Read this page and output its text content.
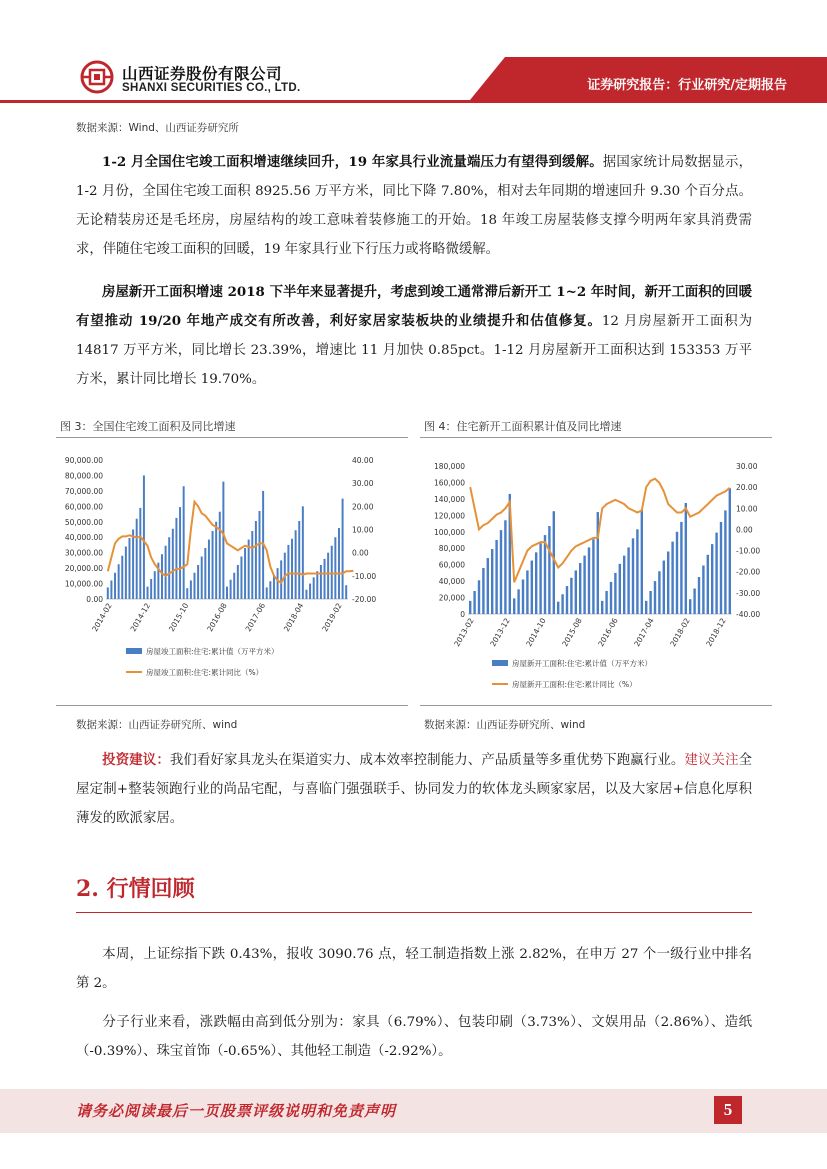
山西证券股份有限公司
SHANXI SECURITIES CO., LTD.	证券研究报告：行业研究/定期报告
数据来源：Wind、山西证券研究所
1-2 月全国住宅竣工面积增速继续回升，19 年家具行业流量端压力有望得到缓解。据国家统计局数据显示，1-2 月份，全国住宅竣工面积 8925.56 万平方米，同比下降 7.80%，相对去年同期的增速回升 9.30 个百分点。无论精装房还是毛坯房，房屋结构的竣工意味着装修施工的开始。18 年竣工房屋装修支撑今明两年家具消费需求，伴随住宅竣工面积的回暖，19 年家具行业下行压力或将略微缓解。
房屋新开工面积增速 2018 下半年来显著提升，考虑到竣工通常滞后新开工 1~2 年时间，新开工面积的回暖有望推动 19/20 年地产成交有所改善，利好家居家装板块的业绩提升和估值修复。12 月房屋新开工面积为 14817 万平方米，同比增长 23.39%，增速比 11 月加快 0.85pct。1-12 月房屋新开工面积达到 153353 万平方米，累计同比增长 19.70%。
图 3：全国住宅竣工面积及同比增速	图 4：住宅新开工面积累计值及同比增速
0.00
10,000.00
20,000.00
30,000.00
40,000.00
50,000.00
60,000.00
70,000.00
80,000.00
90,000.00
-20.00
-10.00
0.00
10.00
20.00
30.00
40.00
2014-02 2014-12 2015-10 2016-08 2017-06 2018-04 2019-02
房屋竣工面积:住宅:累计值（万平方米）
房屋竣工面积:住宅:累计同比（%）
0
20,000
40,000
60,000
80,000
100,000
120,000
140,000
160,000
180,000
-40.00
-30.00
-20.00
-10.00
0.00
10.00
20.00
30.00
2013-02 2013-12 2014-10 2015-08 2016-06 2017-04 2018-02 2018-12
房屋新开工面积:住宅:累计值（万平方米）
房屋新开工面积:住宅:累计同比（%）
数据来源：山西证券研究所、wind	数据来源：山西证券研究所、wind
投资建议：我们看好家具龙头在渠道实力、成本效率控制能力、产品质量等多重优势下跑赢行业。建议关注全屋定制+整装领跑行业的尚品宅配，与喜临门强强联手、协同发力的软体龙头顾家家居，以及大家居+信息化厚积薄发的欧派家居。
2. 行情回顾
本周，上证综指下跌 0.43%，报收 3090.76 点，轻工制造指数上涨 2.82%，在申万 27 个一级行业中排名第 2。
分子行业来看，涨跌幅由高到低分别为：家具（6.79%）、包装印刷（3.73%）、文娱用品（2.86%）、造纸（-0.39%）、珠宝首饰（-0.65%）、其他轻工制造（-2.92%）。
请务必阅读最后一页股票评级说明和免责声明	5
